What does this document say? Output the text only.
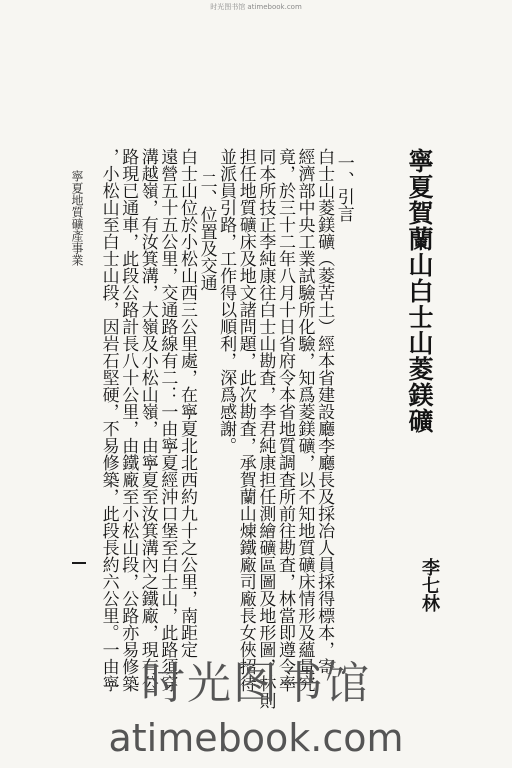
时光图书馆 atimebook.com
寧夏賀蘭山白士山菱鎂礦
李七林
一、引言
白士山菱鎂礦（菱苦土）經本省建設廳李廳長及採冶人員採得標本，寄
經濟部中央工業試驗所化驗，知爲菱鎂礦，以不知地質礦床情形及蘊量究
竟，於三十二年八月十日省府令本省地質調査所前往勘査，林當即遵令率
同本所技正李純康往白士山勘査，李君純康担任測繪礦區圖及地形圖，林則
担任地質礦床及地文諸問題，此次勘査，承賀蘭山煉鐵廠司廠長女俠招待
並派員引路，工作得以順利，深爲感謝。
二、位置及交通
白士山位於小松山西三公里處，在寧夏北北西約九十之公里，南距定
遠營五十五公里，交通路線有二：一由寧夏經沖口堡至白士山，此路須穿
溝越嶺，有汝箕溝，大嶺及小松山嶺，由寧夏至汝箕溝內之鐵廠，現有公
路現已通車，此段公路計長八十公里，由鐵廠至小松山段，公路亦易修築
，小松山至白士山段，因岩石堅硬，不易修築，此段長約六公里。一由寧
寧夏地質礦產事業
时光图书馆
atimebook.com
